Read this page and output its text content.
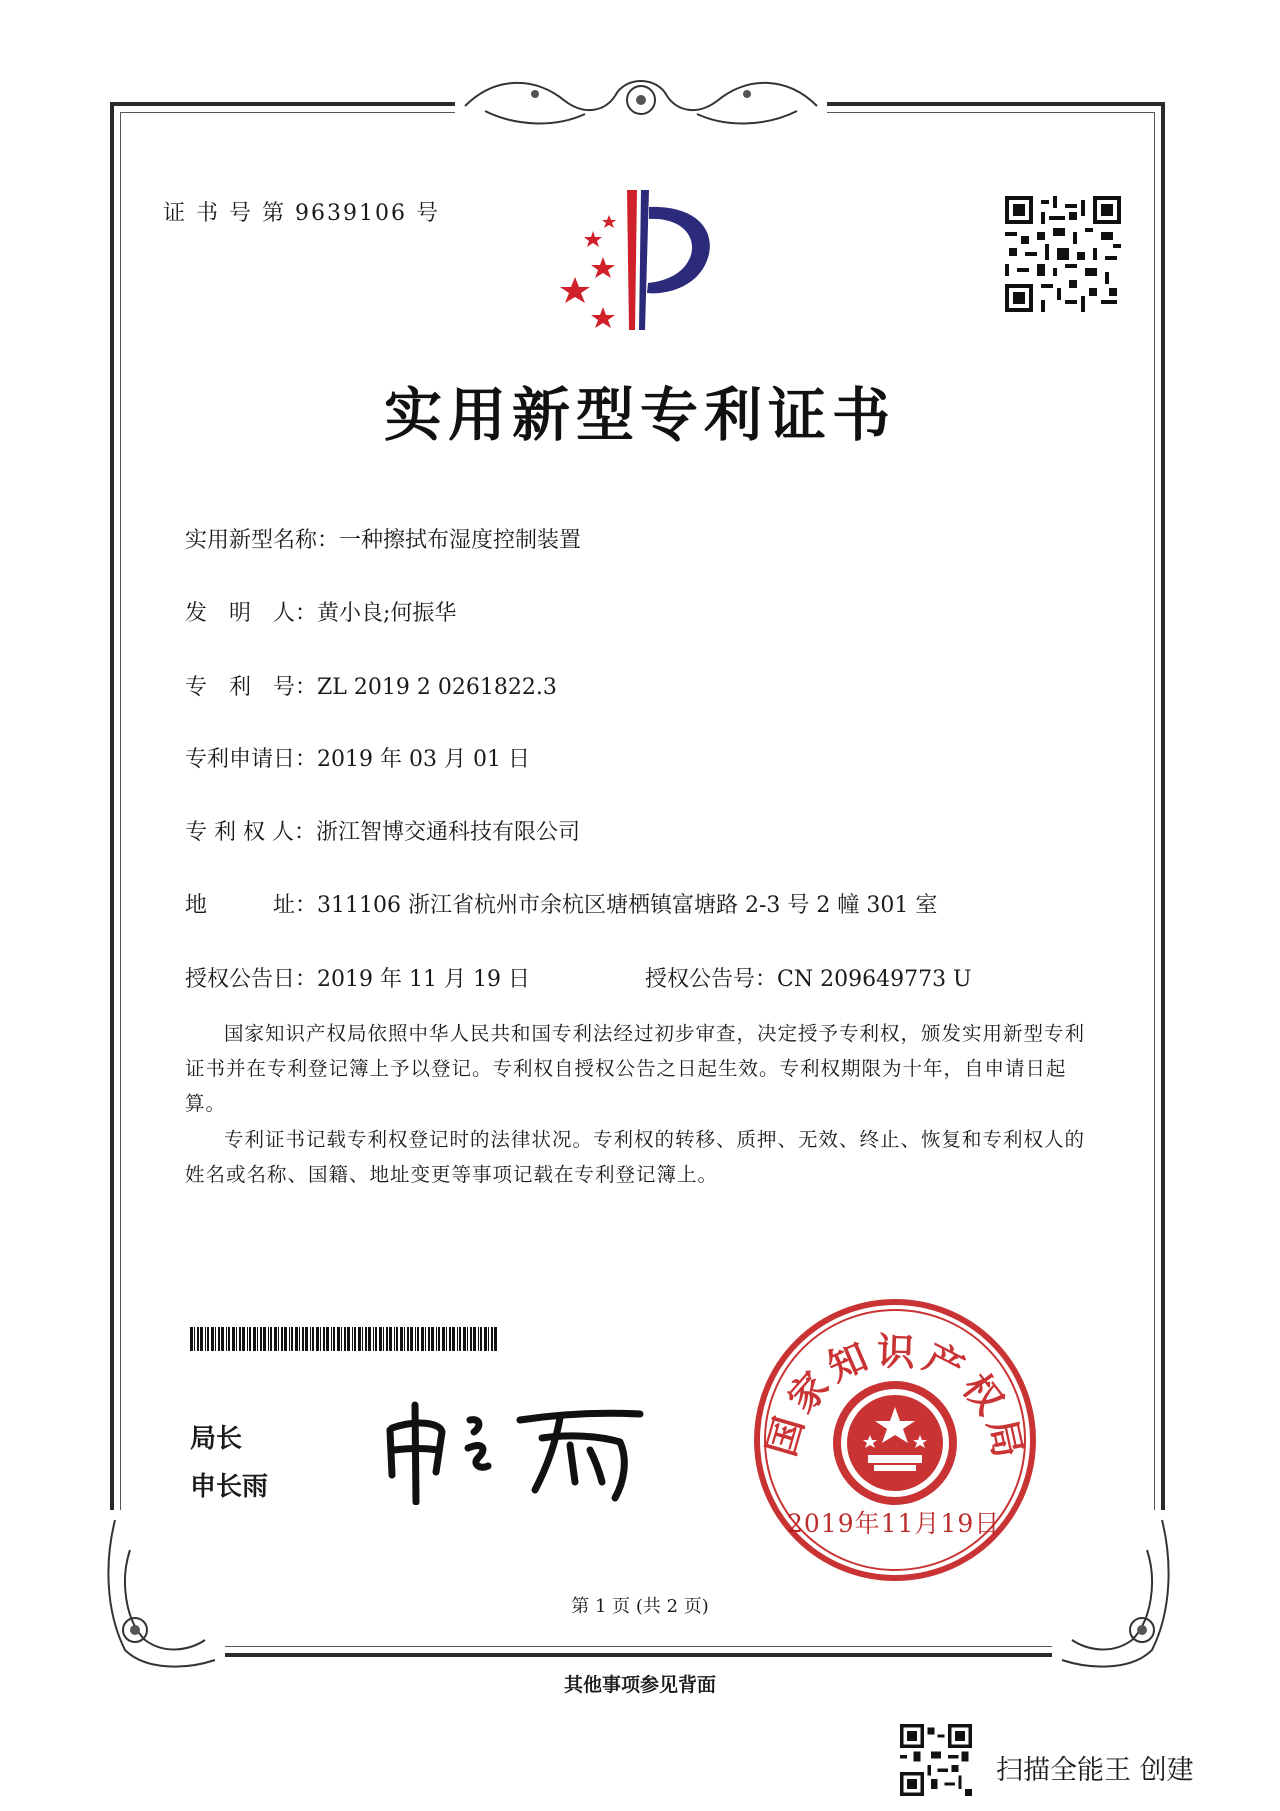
证 书 号 第 9639106 号
实用新型专利证书
实用新型名称：一种擦拭布湿度控制装置
发　明　人：黄小良;何振华
专　利　号：ZL 2019 2 0261822.3
专利申请日：2019 年 03 月 01 日
专 利 权 人：浙江智博交通科技有限公司
地　　　址：311106 浙江省杭州市余杭区塘栖镇富塘路 2-3 号 2 幢 301 室
授权公告日：2019 年 11 月 19 日	授权公告号：CN 209649773 U
国家知识产权局依照中华人民共和国专利法经过初步审查，决定授予专利权，颁发实用新型专利证书并在专利登记簿上予以登记。专利权自授权公告之日起生效。专利权期限为十年，自申请日起算。
专利证书记载专利权登记时的法律状况。专利权的转移、质押、无效、终止、恢复和专利权人的姓名或名称、国籍、地址变更等事项记载在专利登记簿上。
局长
申长雨
国家知识产权局
2019年11月19日
第 1 页 (共 2 页)
其他事项参见背面
扫描全能王 创建
